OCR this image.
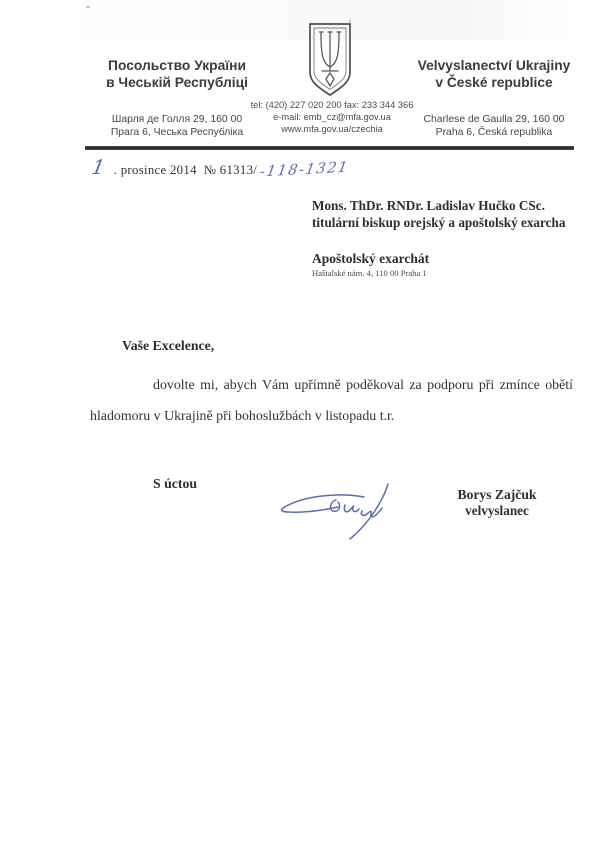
Посольство України
в Чеській Республіці
Velvyslanectví Ukrajiny
v České republice
tel: (420) 227 020 200 fax: 233 344 366
e-mail: emb_cz@mfa.gov.ua
www.mfa.gov.ua/czechia
Шарля де Голля 29, 160 00
Прага 6, Чеська Республіка
Charlese de Gaulla 29, 160 00
Praha 6, Česká republika
1 . prosince 2014  № 61313/ -118-1321
Mons. ThDr. RNDr. Ladislav Hučko CSc.
titulární biskup orejský a apoštolský exarcha
Apoštolský exarchát
Haštalské nám. 4, 110 00 Praha 1
Vaše Excelence,
dovolte mi, abych Vám upřímně poděkoval za podporu při zmínce obětí
hladomoru v Ukrajině při bohoslužbách v listopadu t.r.
S úctou
Borys Zajčuk
velvyslanec
